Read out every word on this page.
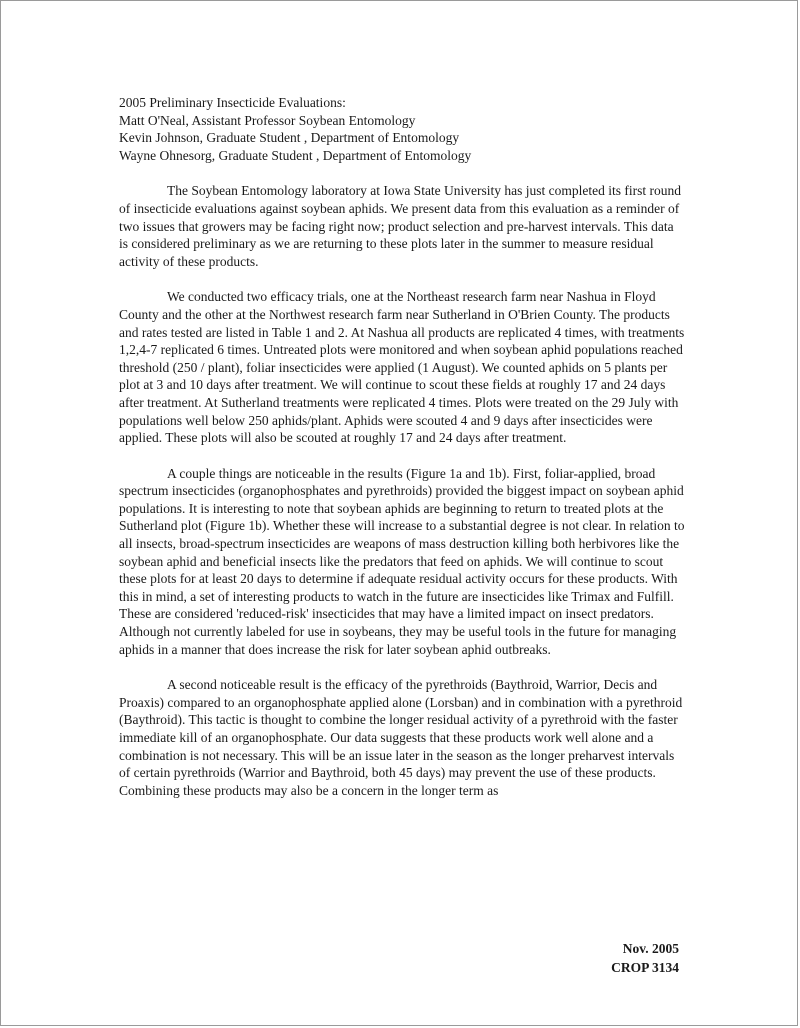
2005 Preliminary Insecticide Evaluations:
Matt O'Neal, Assistant Professor Soybean Entomology
Kevin Johnson, Graduate Student , Department of Entomology
Wayne Ohnesorg, Graduate Student , Department of Entomology

The Soybean Entomology laboratory at Iowa State University has just completed its first round of insecticide evaluations against soybean aphids. We present data from this evaluation as a reminder of two issues that growers may be facing right now; product selection and pre-harvest intervals. This data is considered preliminary as we are returning to these plots later in the summer to measure residual activity of these products.

We conducted two efficacy trials, one at the Northeast research farm near Nashua in Floyd County and the other at the Northwest research farm near Sutherland in O'Brien County. The products and rates tested are listed in Table 1 and 2. At Nashua all products are replicated 4 times, with treatments 1,2,4-7 replicated 6 times. Untreated plots were monitored and when soybean aphid populations reached threshold (250 / plant), foliar insecticides were applied (1 August). We counted aphids on 5 plants per plot at 3 and 10 days after treatment. We will continue to scout these fields at roughly 17 and 24 days after treatment. At Sutherland treatments were replicated 4 times. Plots were treated on the 29 July with populations well below 250 aphids/plant. Aphids were scouted 4 and 9 days after insecticides were applied. These plots will also be scouted at roughly 17 and 24 days after treatment.

A couple things are noticeable in the results (Figure 1a and 1b). First, foliar-applied, broad spectrum insecticides (organophosphates and pyrethroids) provided the biggest impact on soybean aphid populations. It is interesting to note that soybean aphids are beginning to return to treated plots at the Sutherland plot (Figure 1b). Whether these will increase to a substantial degree is not clear. In relation to all insects, broad-spectrum insecticides are weapons of mass destruction killing both herbivores like the soybean aphid and beneficial insects like the predators that feed on aphids. We will continue to scout these plots for at least 20 days to determine if adequate residual activity occurs for these products. With this in mind, a set of interesting products to watch in the future are insecticides like Trimax and Fulfill. These are considered 'reduced-risk' insecticides that may have a limited impact on insect predators. Although not currently labeled for use in soybeans, they may be useful tools in the future for managing aphids in a manner that does increase the risk for later soybean aphid outbreaks.

A second noticeable result is the efficacy of the pyrethroids (Baythroid, Warrior, Decis and Proaxis) compared to an organophosphate applied alone (Lorsban) and in combination with a pyrethroid (Baythroid). This tactic is thought to combine the longer residual activity of a pyrethroid with the faster immediate kill of an organophosphate. Our data suggests that these products work well alone and a combination is not necessary. This will be an issue later in the season as the longer preharvest intervals of certain pyrethroids (Warrior and Baythroid, both 45 days) may prevent the use of these products. Combining these products may also be a concern in the longer term as

Nov. 2005
CROP 3134
